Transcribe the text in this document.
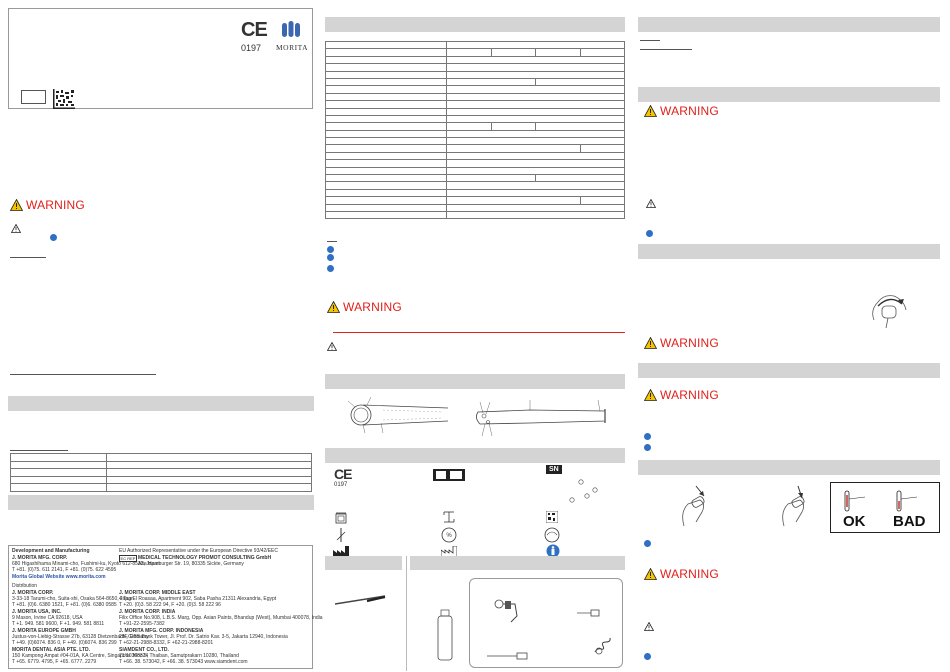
CE
0197 MORITA
WARNING

Development and Manufacturing
J. MORITA MFG. CORP.
680 Higashihama Minami-cho, Fushimi-ku, Kyoto 612-8533, Japan
T +81. (0)75. 611 2141, F +81. (0)75. 622 4595
Morita Global Website www.morita.com
Distribution
J. MORITA CORP.
3-33-18 Tarumi-cho, Suita-shi, Osaka 564-8650, Japan
T +81. (0)6. 6380 1521, F +81. (0)6. 6380 0585
J. MORITA USA, INC.
9 Mason, Irvine CA 92618, USA
T +1. 949. 581 9600, F +1. 949. 581 8811
J. MORITA EUROPE GMBH
Justus-von-Liebig-Strasse 27b, 63128 Dietzenbach, Germany
T +49. (0)6074. 836 0, F +49. (0)6074. 836 299
MORITA DENTAL ASIA PTE. LTD.
150 Kampong Ampat #04-01A, KA Centre, Singapore 368324
T +65. 6779. 4795, F +65. 6777. 2279
EU Authorized Representative under the European Directive 93/42/EEC
EC REP MEDICAL TECHNOLOGY PROMOT CONSULTING GmbH
Alte Hamburger Str. 19, 80335 Sickte, Germany
J. MORITA CORP. MIDDLE EAST
4 Tag El Roasaa, Apartment 902, Saba Pasha 21311 Alexandria, Egypt
T +20. (0)3. 58 222 94, F +20. (0)3. 58 222 96
J. MORITA CORP. INDIA
Filix Office No.908, L.B.S. Marg, Opp. Asian Paints, Bhandup (West), Mumbai 400078, India
T +91-22-2595-7382
J. MORITA MFG. CORP. INDONESIA
28F, DBS Bank Tower, Jl. Prof. Dr. Satrio Kav. 3-5, Jakarta 12940, Indonesia
T +62-21-2988-8332, F +62-21-2988-8201
SIAMDENT CO., LTD.
71/10 Moo 5, Thaiban, Samutprakarn 10280, Thailand
T +66. 38. 573042, F +66. 38. 573043 www.siamdent.com

WARNING
CE
0197
SN
%
WARNING
WARNING
WARNING
OK BAD
WARNING
